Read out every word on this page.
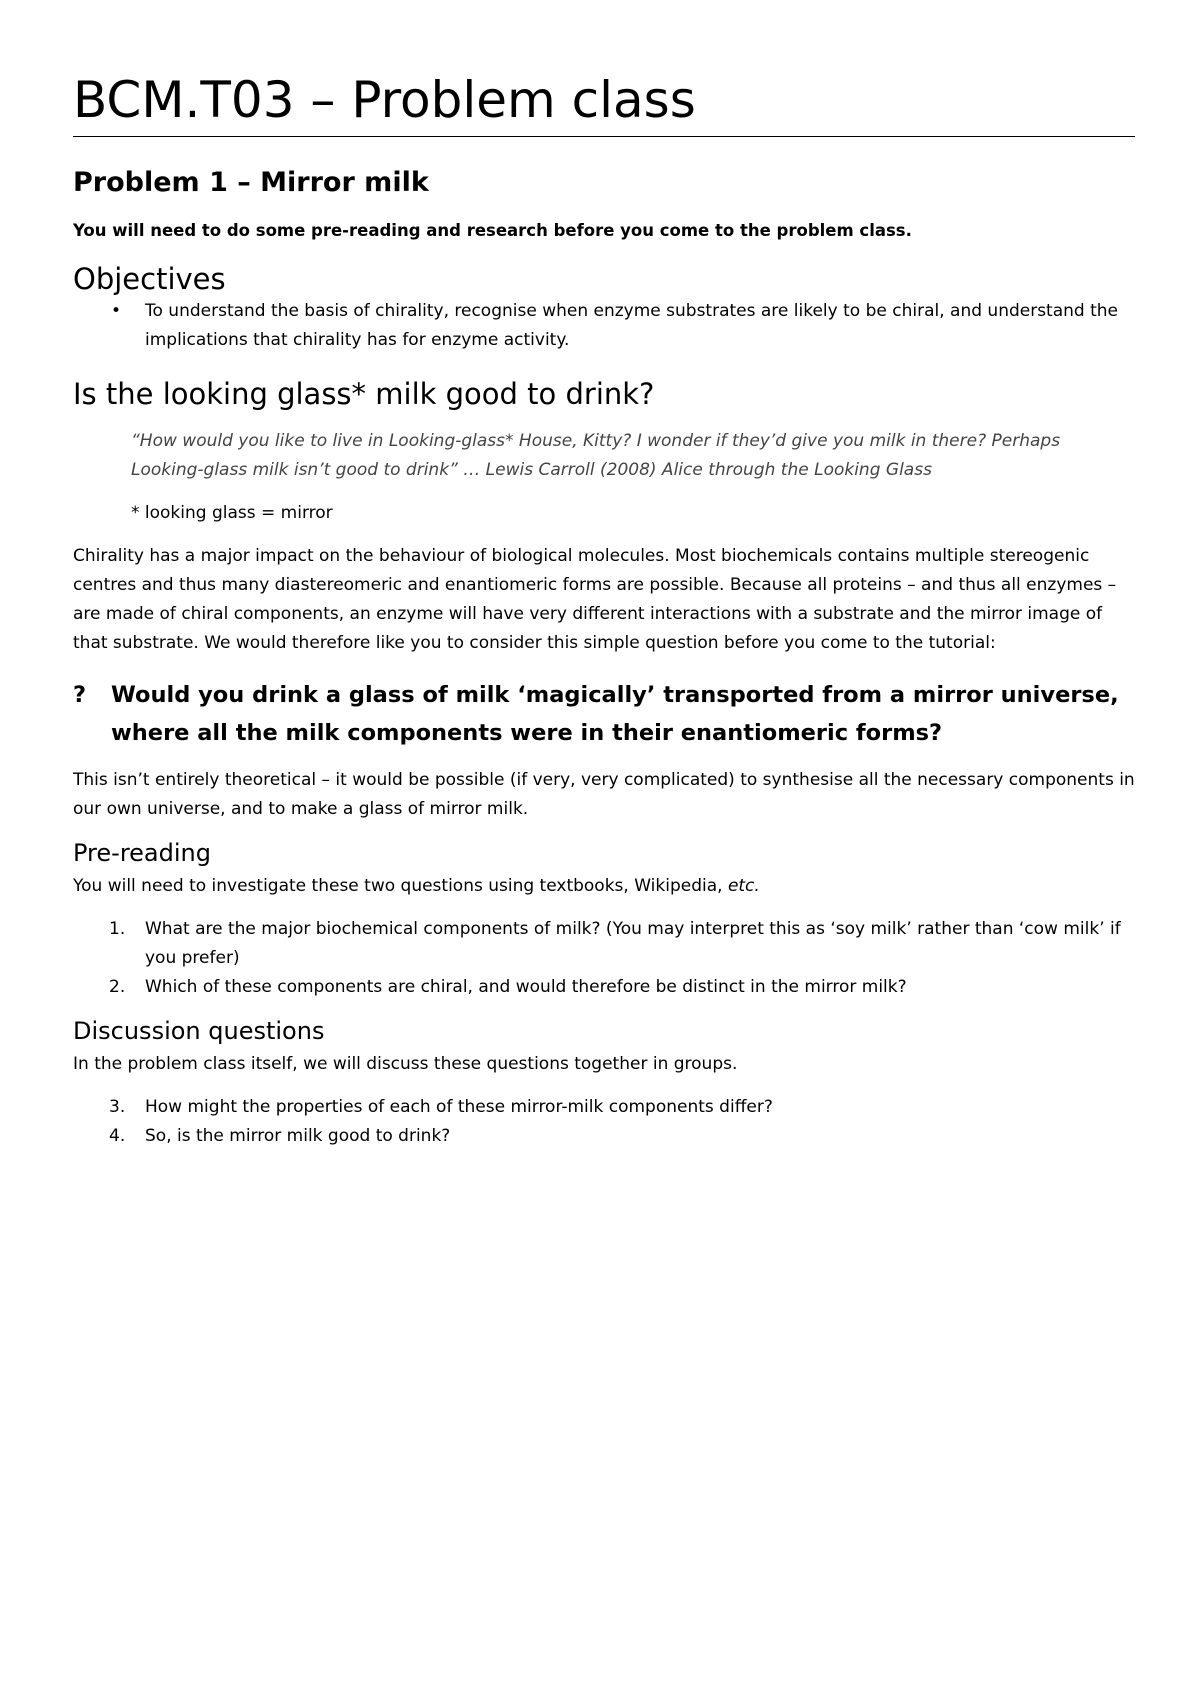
BCM.T03 – Problem class
Problem 1 – Mirror milk

You will need to do some pre-reading and research before you come to the problem class.

Objectives
• To understand the basis of chirality, recognise when enzyme substrates are likely to be chiral, and understand the implications that chirality has for enzyme activity.
Is the looking glass* milk good to drink?

“How would you like to live in Looking-glass* House, Kitty? I wonder if they’d give you milk in there? Perhaps Looking-glass milk isn’t good to drink” … Lewis Carroll (2008) Alice through the Looking Glass

* looking glass = mirror

Chirality has a major impact on the behaviour of biological molecules. Most biochemicals contains multiple stereogenic centres and thus many diastereomeric and enantiomeric forms are possible. Because all proteins – and thus all enzymes – are made of chiral components, an enzyme will have very different interactions with a substrate and the mirror image of that substrate. We would therefore like you to consider this simple question before you come to the tutorial:

? Would you drink a glass of milk ‘magically’ transported from a mirror universe, where all the milk components were in their enantiomeric forms?

This isn’t entirely theoretical – it would be possible (if very, very complicated) to synthesise all the necessary components in our own universe, and to make a glass of mirror milk.

Pre-reading

You will need to investigate these two questions using textbooks, Wikipedia, etc.

1. What are the major biochemical components of milk? (You may interpret this as ‘soy milk’ rather than ‘cow milk’ if you prefer)
2. Which of these components are chiral, and would therefore be distinct in the mirror milk?
Discussion questions

In the problem class itself, we will discuss these questions together in groups.

3. How might the properties of each of these mirror-milk components differ?
4. So, is the mirror milk good to drink?
